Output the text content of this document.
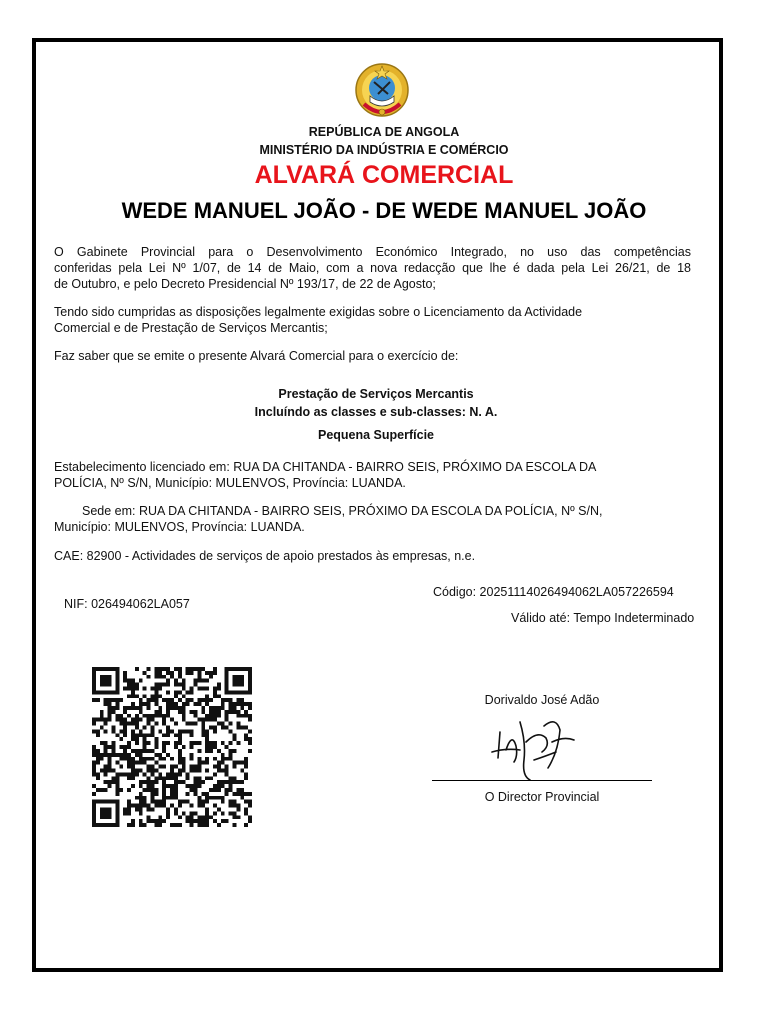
REPÚBLICA DE ANGOLA
MINISTÉRIO DA INDÚSTRIA E COMÉRCIO
ALVARÁ COMERCIAL
WEDE MANUEL JOÃO - DE WEDE MANUEL JOÃO
O Gabinete Provincial para o Desenvolvimento Económico Integrado, no uso das competências
conferidas pela Lei Nº 1/07, de 14 de Maio, com a nova redacção que lhe é dada pela Lei 26/21, de 18
de Outubro, e pelo Decreto Presidencial Nº 193/17, de 22 de Agosto;
Tendo sido cumpridas as disposições legalmente exigidas sobre o Licenciamento da Actividade
Comercial e de Prestação de Serviços Mercantis;
Faz saber que se emite o presente Alvará Comercial para o exercício de:
Prestação de Serviços Mercantis
Incluíndo as classes e sub-classes: N. A.
Pequena Superfície
Estabelecimento licenciado em: RUA DA CHITANDA - BAIRRO SEIS, PRÓXIMO DA ESCOLA DA
POLÍCIA, Nº S/N, Município: MULENVOS, Província: LUANDA.
Sede em: RUA DA CHITANDA - BAIRRO SEIS, PRÓXIMO DA ESCOLA DA POLÍCIA, Nº S/N,
Município: MULENVOS, Província: LUANDA.
CAE: 82900 - Actividades de serviços de apoio prestados às empresas, n.e.
Código: 20251114026494062LA057226594
NIF: 026494062LA057
Válido até: Tempo Indeterminado
Dorivaldo José Adão
O Director Provincial
